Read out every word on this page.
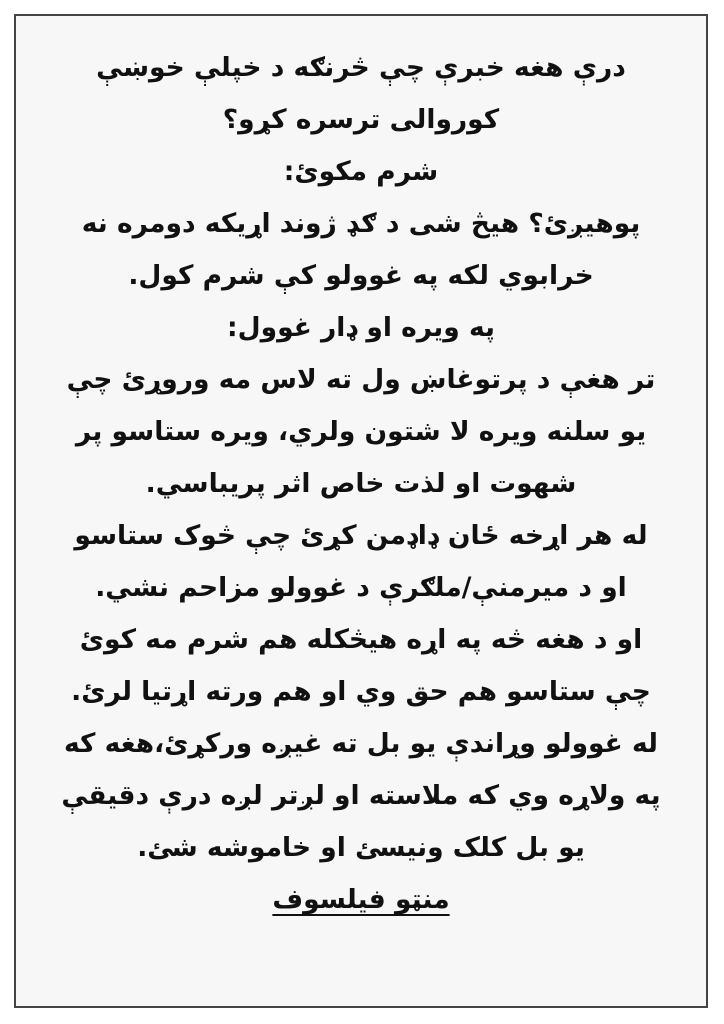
درې هغه خبرې چې څرنګه د خپلې خوښې

کوروالی ترسره کړو؟

شرم مکوئ:

پوهیږئ؟ هیڅ شی د ګډ ژوند اړیکه دومره نه

خرابوي لکه په غوولو کې شرم کول.

په ویره او ډار غوول:

تر هغې د پرتوغاښ ول ته لاس مه وروړئ چې

یو سلنه ویره لا شتون ولري، ویره ستاسو پر

شهوت او لذت خاص اثر پریباسي.

له هر اړخه ځان ډاډمن کړئ چې څوک ستاسو

او د میرمنې/ملګرې د غوولو مزاحم نشي.

او د هغه څه په اړه هیڅکله هم شرم مه کوئ

چې ستاسو هم حق وي او هم ورته اړتیا لرئ.

له غوولو وړاندې یو بل ته غیږه ورکړئ،هغه که

په ولاړه وي که ملاسته او لږتر لږه درې دقیقې

یو بل کلک ونیسئ او خاموشه شئ.

منټو فیلسوف
